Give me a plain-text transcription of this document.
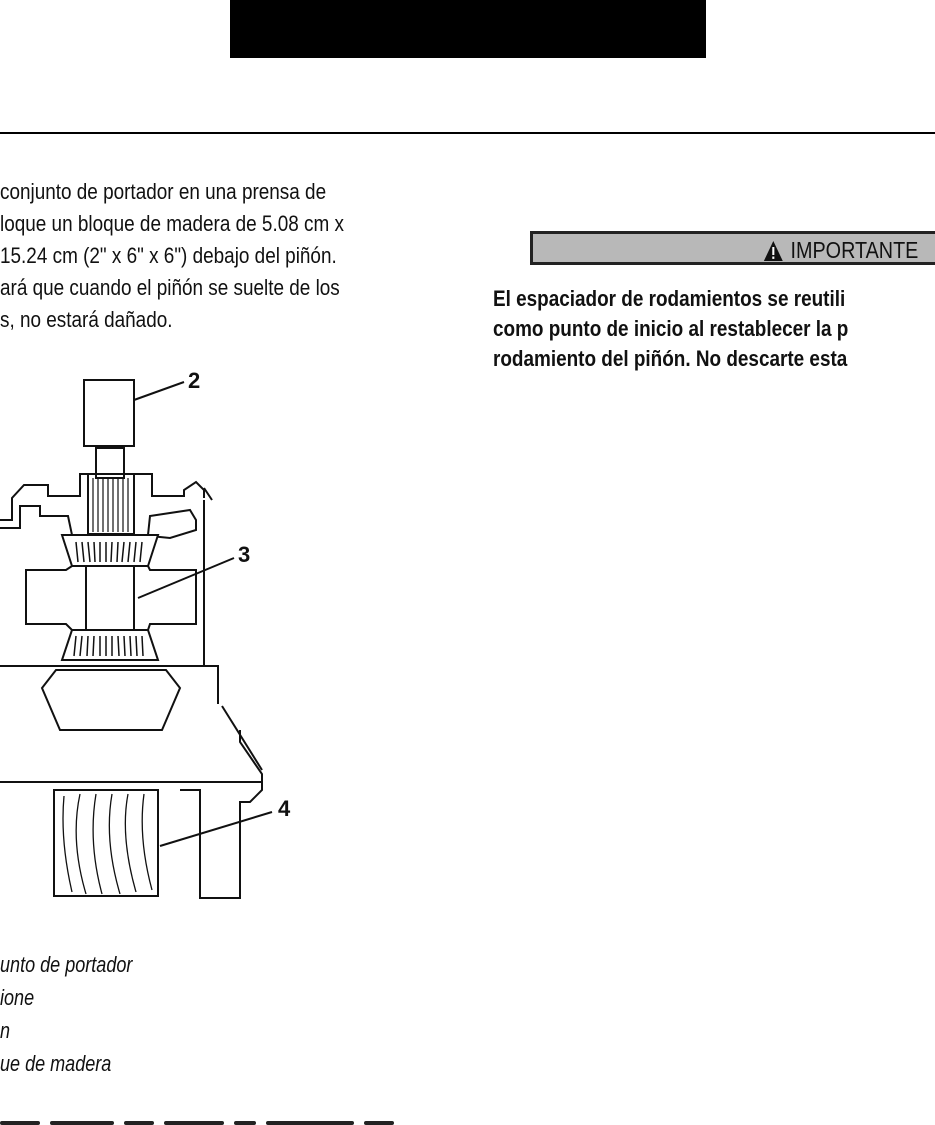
conjunto de portador en una prensa de
loque un bloque de madera de 5.08 cm x
15.24 cm (2" x 6" x 6") debajo del piñón.
ará que cuando el piñón se suelte de los
s, no estará dañado.
2
3
4
unto de portador
ione
n
ue de madera
IMPORTANTE
El espaciador de rodamientos se reutili
como punto de inicio al restablecer la p
rodamiento del piñón. No descarte esta
